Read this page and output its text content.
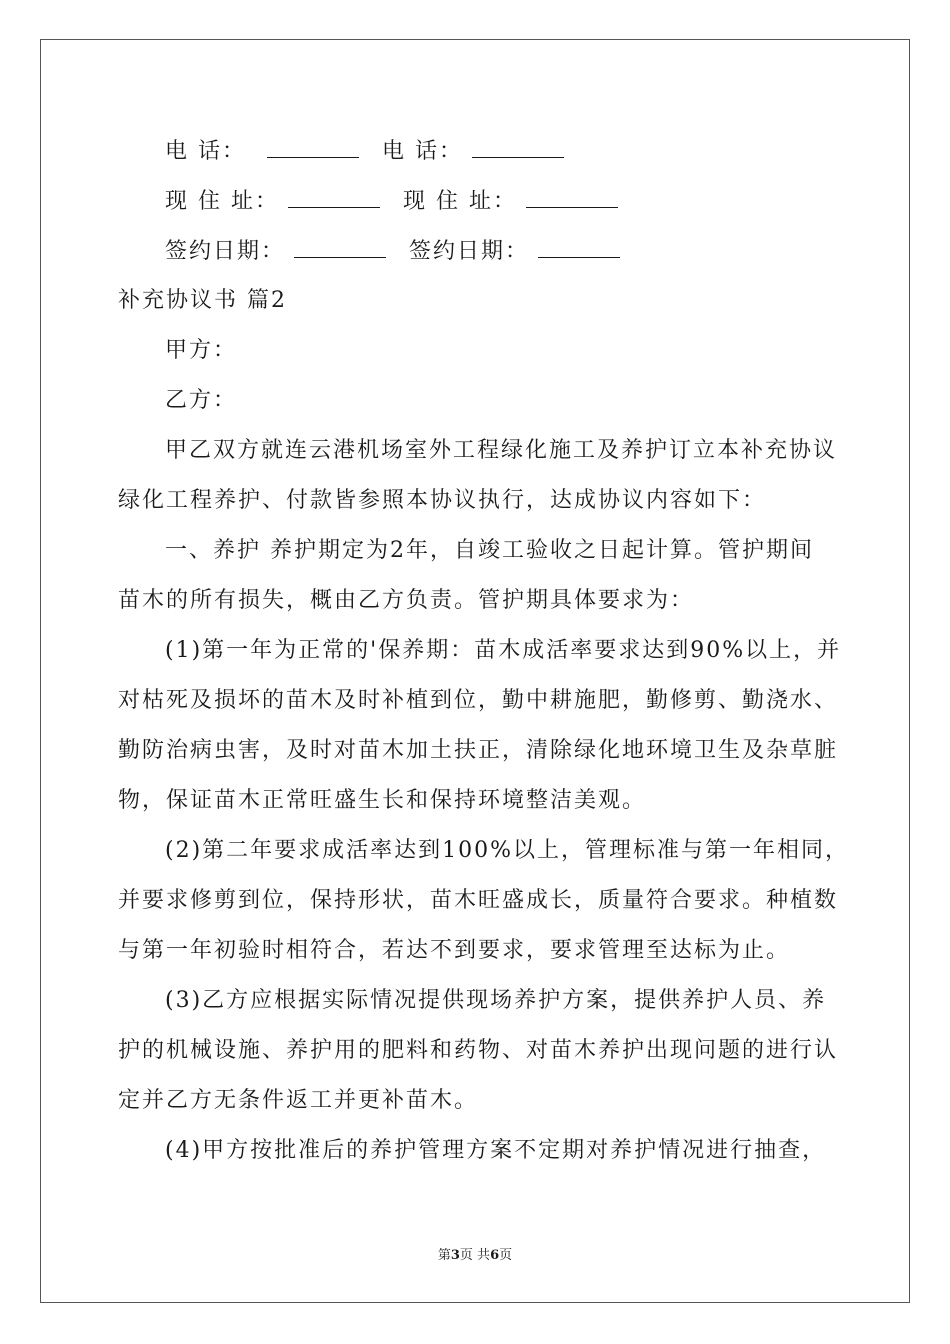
电 话：	电 话：
现 住 址：	现 住 址：
签约日期：	签约日期：
补充协议书 篇2
甲方：
乙方：
甲乙双方就连云港机场室外工程绿化施工及养护订立本补充协议
绿化工程养护、付款皆参照本协议执行，达成协议内容如下：
一、养护 养护期定为2年，自竣工验收之日起计算。管护期间
苗木的所有损失，概由乙方负责。管护期具体要求为：
(1)第一年为正常的'保养期：苗木成活率要求达到90%以上，并
对枯死及损坏的苗木及时补植到位，勤中耕施肥，勤修剪、勤浇水、
勤防治病虫害，及时对苗木加土扶正，清除绿化地环境卫生及杂草脏
物，保证苗木正常旺盛生长和保持环境整洁美观。
(2)第二年要求成活率达到100%以上，管理标准与第一年相同，
并要求修剪到位，保持形状，苗木旺盛成长，质量符合要求。种植数
与第一年初验时相符合，若达不到要求，要求管理至达标为止。
(3)乙方应根据实际情况提供现场养护方案，提供养护人员、养
护的机械设施、养护用的肥料和药物、对苗木养护出现问题的进行认
定并乙方无条件返工并更补苗木。
(4)甲方按批准后的养护管理方案不定期对养护情况进行抽查，
第3页 共6页
